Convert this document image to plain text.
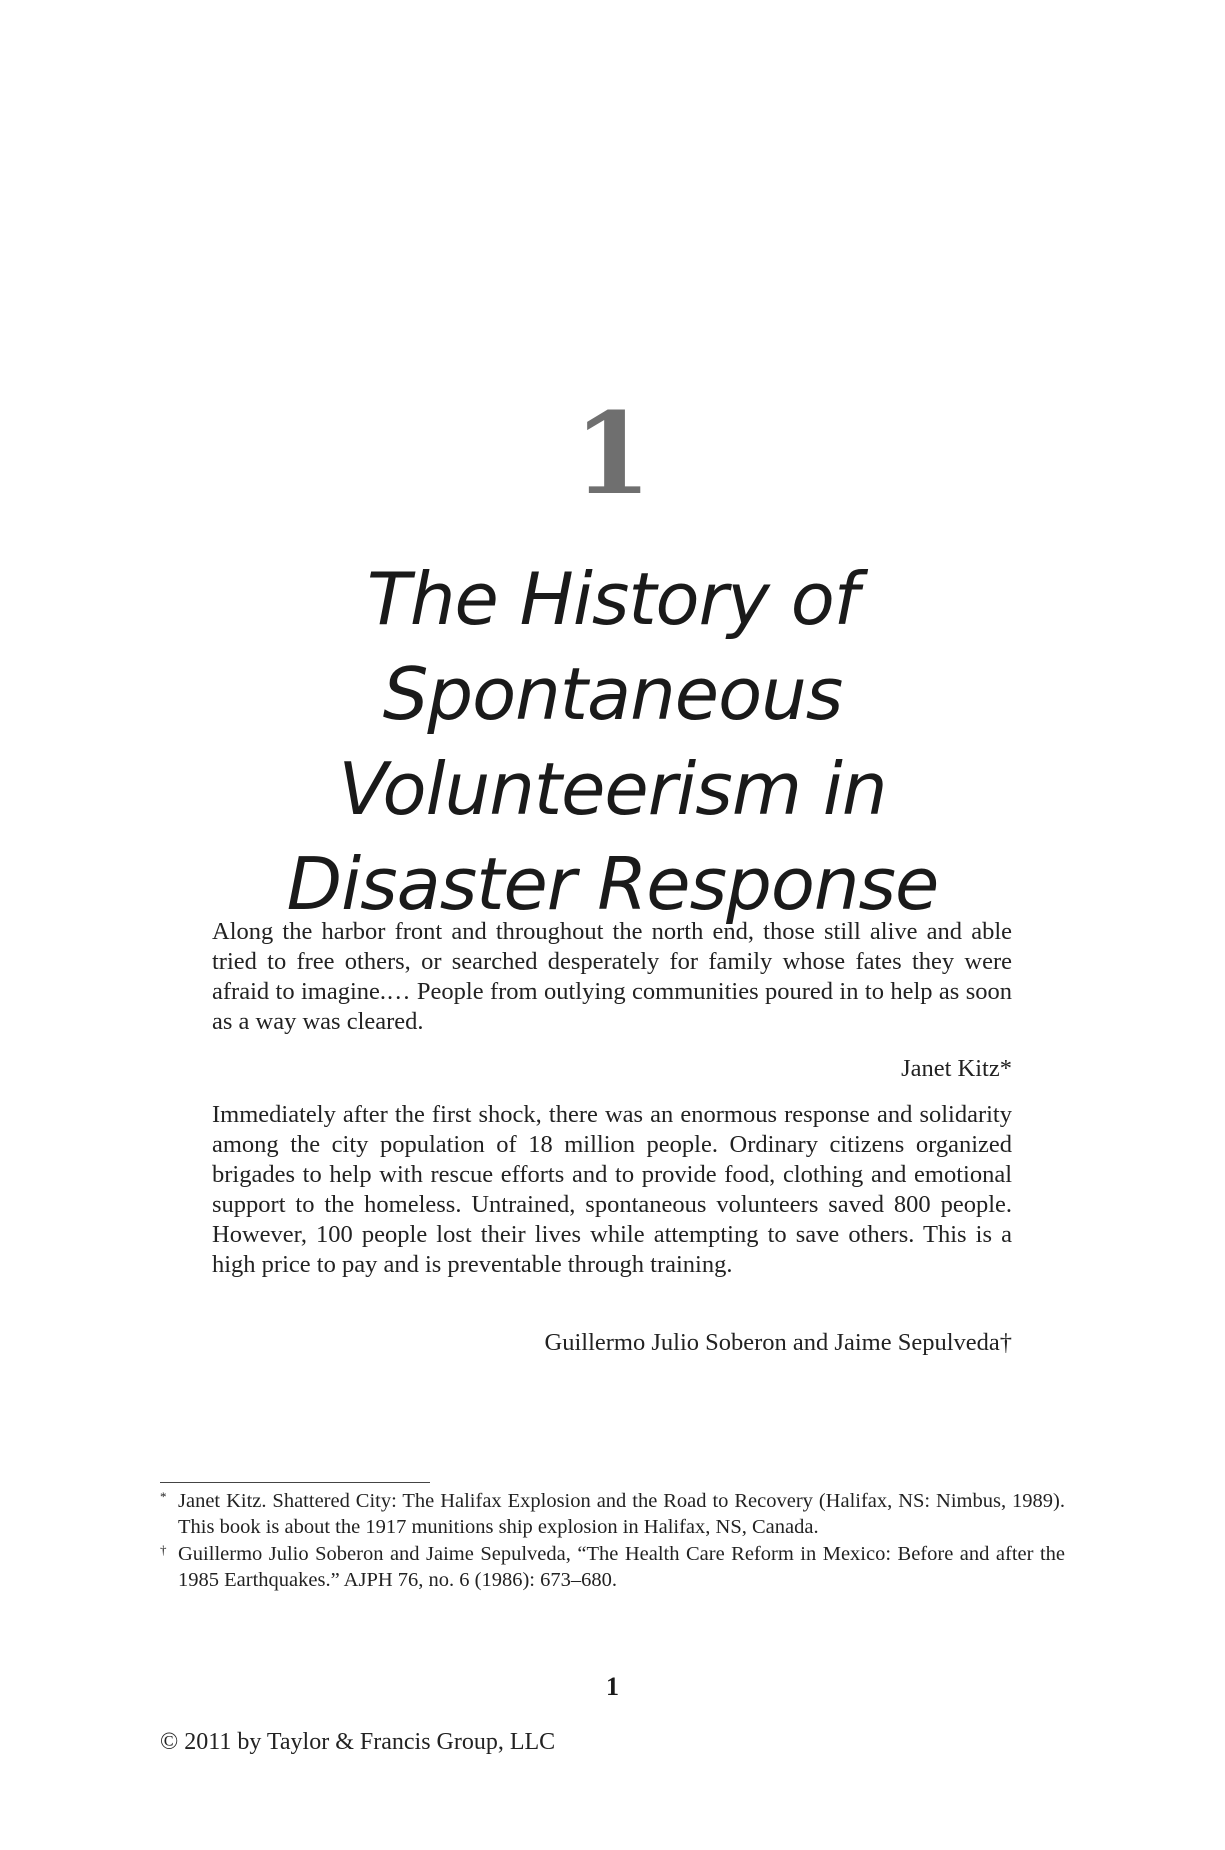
1
The History of Spontaneous
Volunteerism in
Disaster Response
Along the harbor front and throughout the north end, those still alive and able tried to free others, or searched desperately for family whose fates they were afraid to imagine.… People from outlying communities poured in to help as soon as a way was cleared.
Janet Kitz*
Immediately after the first shock, there was an enormous response and solidarity among the city population of 18 million people. Ordinary citizens organized brigades to help with rescue efforts and to provide food, clothing and emotional support to the homeless. Untrained, spontaneous volunteers saved 800 people. However, 100 people lost their lives while attempting to save others. This is a high price to pay and is preventable through training.
Guillermo Julio Soberon and Jaime Sepulveda†
* Janet Kitz. Shattered City: The Halifax Explosion and the Road to Recovery (Halifax, NS: Nimbus, 1989). This book is about the 1917 munitions ship explosion in Halifax, NS, Canada.
† Guillermo Julio Soberon and Jaime Sepulveda, “The Health Care Reform in Mexico: Before and after the 1985 Earthquakes.” AJPH 76, no. 6 (1986): 673–680.
1
© 2011 by Taylor & Francis Group, LLC
